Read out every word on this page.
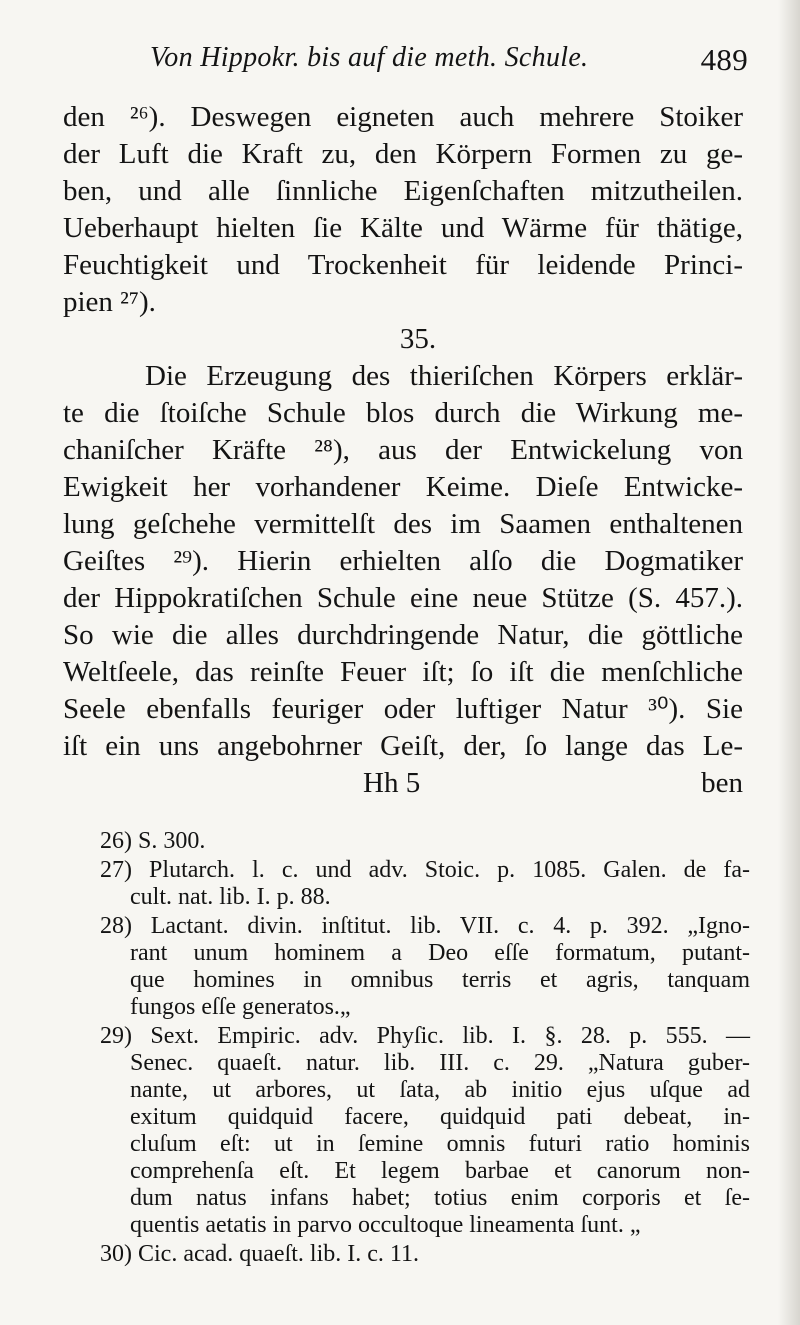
Von Hippokr. bis auf die meth. Schule.	489
den ²⁶). Deswegen eigneten auch mehrere Stoiker
der Luft die Kraft zu, den Körpern Formen zu ge-
ben, und alle ſinnliche Eigenſchaften mitzutheilen.
Ueberhaupt hielten ſie Kälte und Wärme für thätige,
Feuchtigkeit und Trockenheit für leidende Princi-
pien ²⁷).
35.
Die Erzeugung des thieriſchen Körpers erklär-
te die ſtoiſche Schule blos durch die Wirkung me-
chaniſcher Kräfte ²⁸), aus der Entwickelung von
Ewigkeit her vorhandener Keime. Dieſe Entwicke-
lung geſchehe vermittelſt des im Saamen enthaltenen
Geiſtes ²⁹). Hierin erhielten alſo die Dogmatiker
der Hippokratiſchen Schule eine neue Stütze (S. 457.).
So wie die alles durchdringende Natur, die göttliche
Weltſeele, das reinſte Feuer iſt; ſo iſt die menſchliche
Seele ebenfalls feuriger oder luftiger Natur ³⁰). Sie
iſt ein uns angebohrner Geiſt, der, ſo lange das Le-
Hh 5	ben
26) S. 300.
27) Plutarch. l. c. und adv. Stoic. p. 1085. Galen. de fa-
cult. nat. lib. I. p. 88.
28) Lactant. divin. inſtitut. lib. VII. c. 4. p. 392. „Igno-
rant unum hominem a Deo eſſe formatum, putant-
que homines in omnibus terris et agris, tanquam
fungos eſſe generatos.„
29) Sext. Empiric. adv. Phyſic. lib. I. §. 28. p. 555. —
Senec. quaeſt. natur. lib. III. c. 29. „Natura guber-
nante, ut arbores, ut ſata, ab initio ejus uſque ad
exitum quidquid facere, quidquid pati debeat, in-
cluſum eſt: ut in ſemine omnis futuri ratio hominis
comprehenſa eſt. Et legem barbae et canorum non-
dum natus infans habet; totius enim corporis et ſe-
quentis aetatis in parvo occultoque lineamenta ſunt. „
30) Cic. acad. quaeſt. lib. I. c. 11.
